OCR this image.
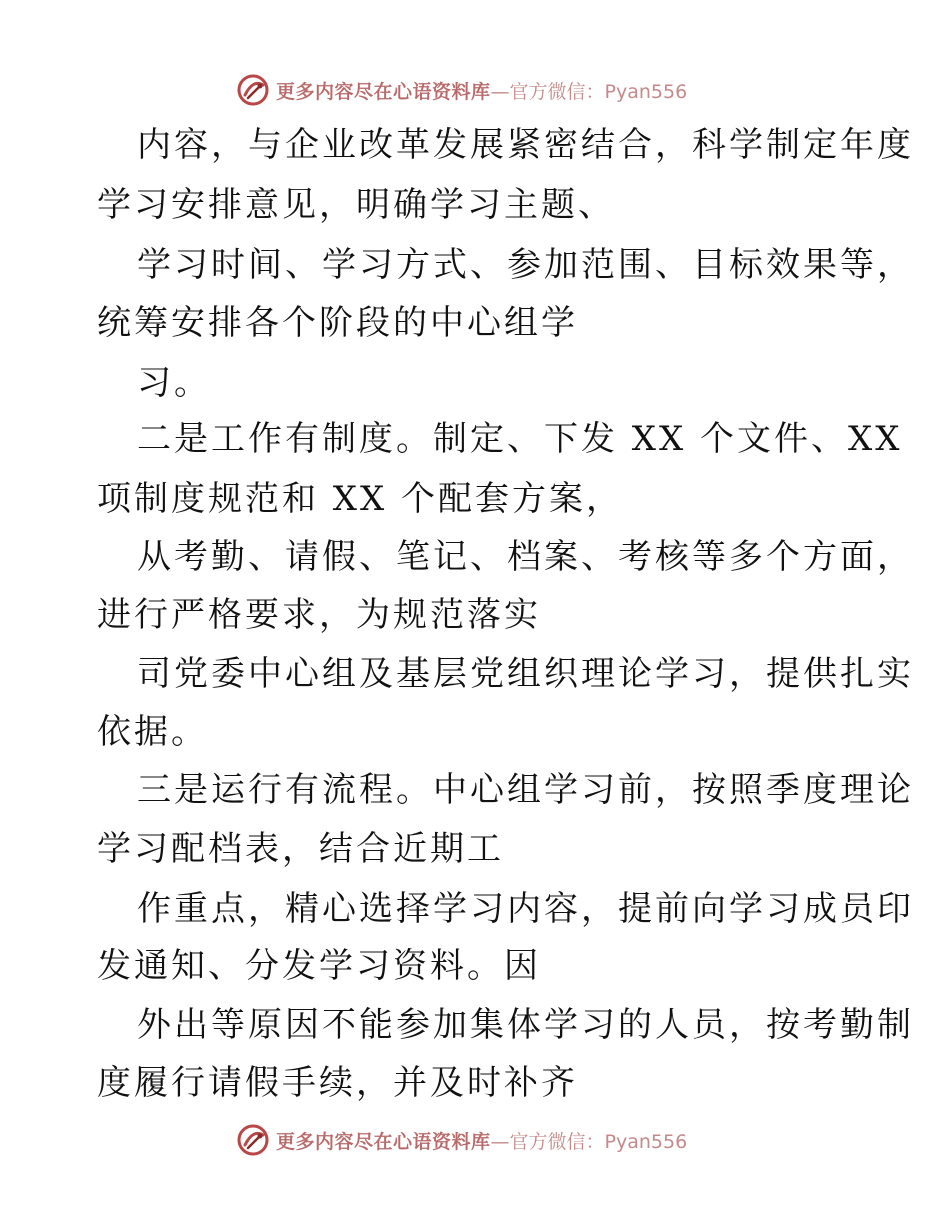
更多内容尽在心语资料库 —官方微信：Pyan556
内容，与企业改革发展紧密结合，科学制定年度
学习安排意见，明确学习主题、
学习时间、学习方式、参加范围、目标效果等，
统筹安排各个阶段的中心组学
习。
二是工作有制度。制定、下发 XX 个文件、XX
项制度规范和 XX 个配套方案，
从考勤、请假、笔记、档案、考核等多个方面，
进行严格要求，为规范落实
司党委中心组及基层党组织理论学习，提供扎实
依据。
三是运行有流程。中心组学习前，按照季度理论
学习配档表，结合近期工
作重点，精心选择学习内容，提前向学习成员印
发通知、分发学习资料。因
外出等原因不能参加集体学习的人员，按考勤制
度履行请假手续，并及时补齐
更多内容尽在心语资料库 —官方微信：Pyan556
